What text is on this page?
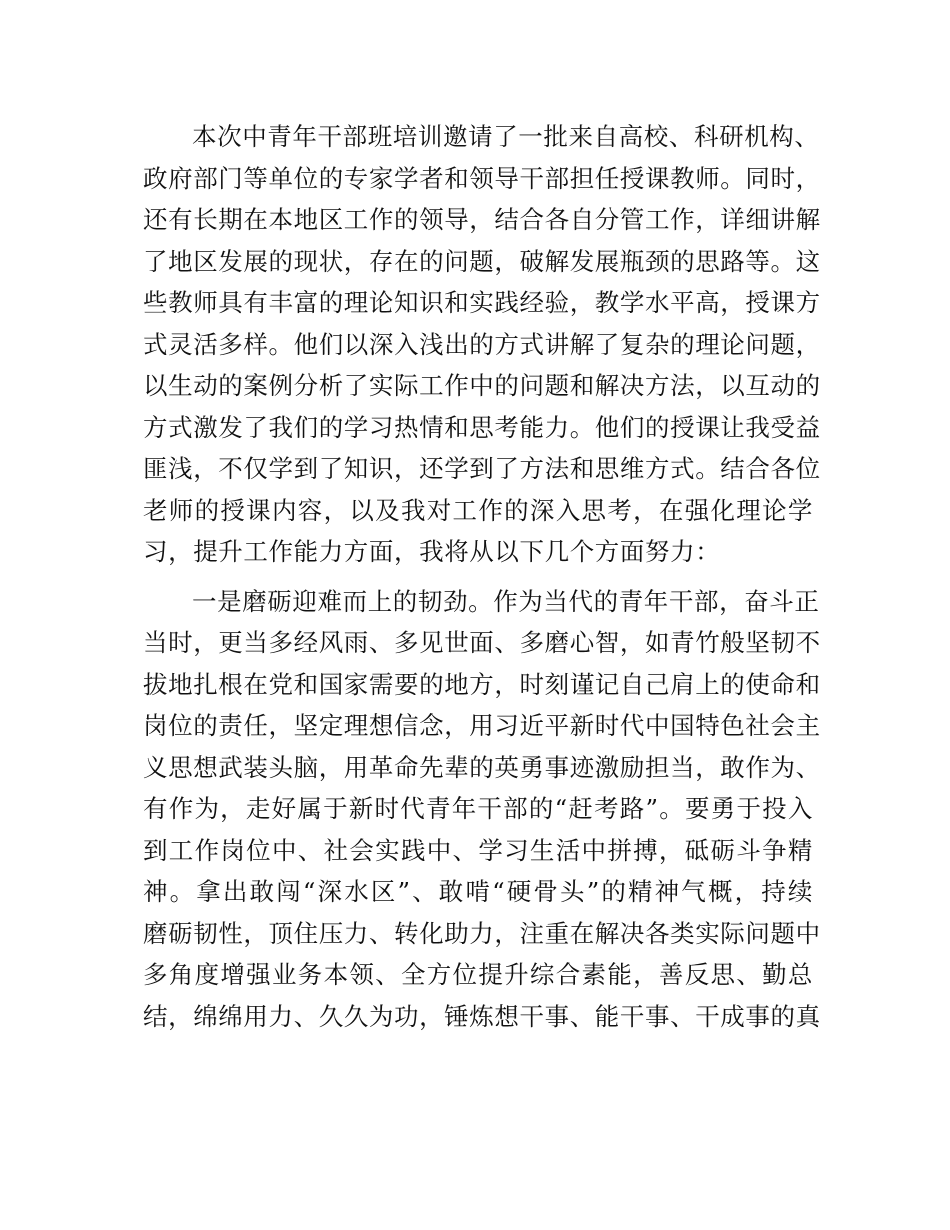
本次中青年干部班培训邀请了一批来自高校、科研机构、
政府部门等单位的专家学者和领导干部担任授课教师。同时，
还有长期在本地区工作的领导，结合各自分管工作，详细讲解
了地区发展的现状，存在的问题，破解发展瓶颈的思路等。这
些教师具有丰富的理论知识和实践经验，教学水平高，授课方
式灵活多样。他们以深入浅出的方式讲解了复杂的理论问题，
以生动的案例分析了实际工作中的问题和解决方法，以互动的
方式激发了我们的学习热情和思考能力。他们的授课让我受益
匪浅，不仅学到了知识，还学到了方法和思维方式。结合各位
老师的授课内容，以及我对工作的深入思考，在强化理论学
习，提升工作能力方面，我将从以下几个方面努力：

一是磨砺迎难而上的韧劲。作为当代的青年干部，奋斗正
当时，更当多经风雨、多见世面、多磨心智，如青竹般坚韧不
拔地扎根在党和国家需要的地方，时刻谨记自己肩上的使命和
岗位的责任，坚定理想信念，用习近平新时代中国特色社会主
义思想武装头脑，用革命先辈的英勇事迹激励担当，敢作为、
有作为，走好属于新时代青年干部的“赶考路”。要勇于投入
到工作岗位中、社会实践中、学习生活中拼搏，砥砺斗争精
神。拿出敢闯“深水区”、敢啃“硬骨头”的精神气概，持续
磨砺韧性，顶住压力、转化助力，注重在解决各类实际问题中
多角度增强业务本领、全方位提升综合素能，善反思、勤总
结，绵绵用力、久久为功，锤炼想干事、能干事、干成事的真
